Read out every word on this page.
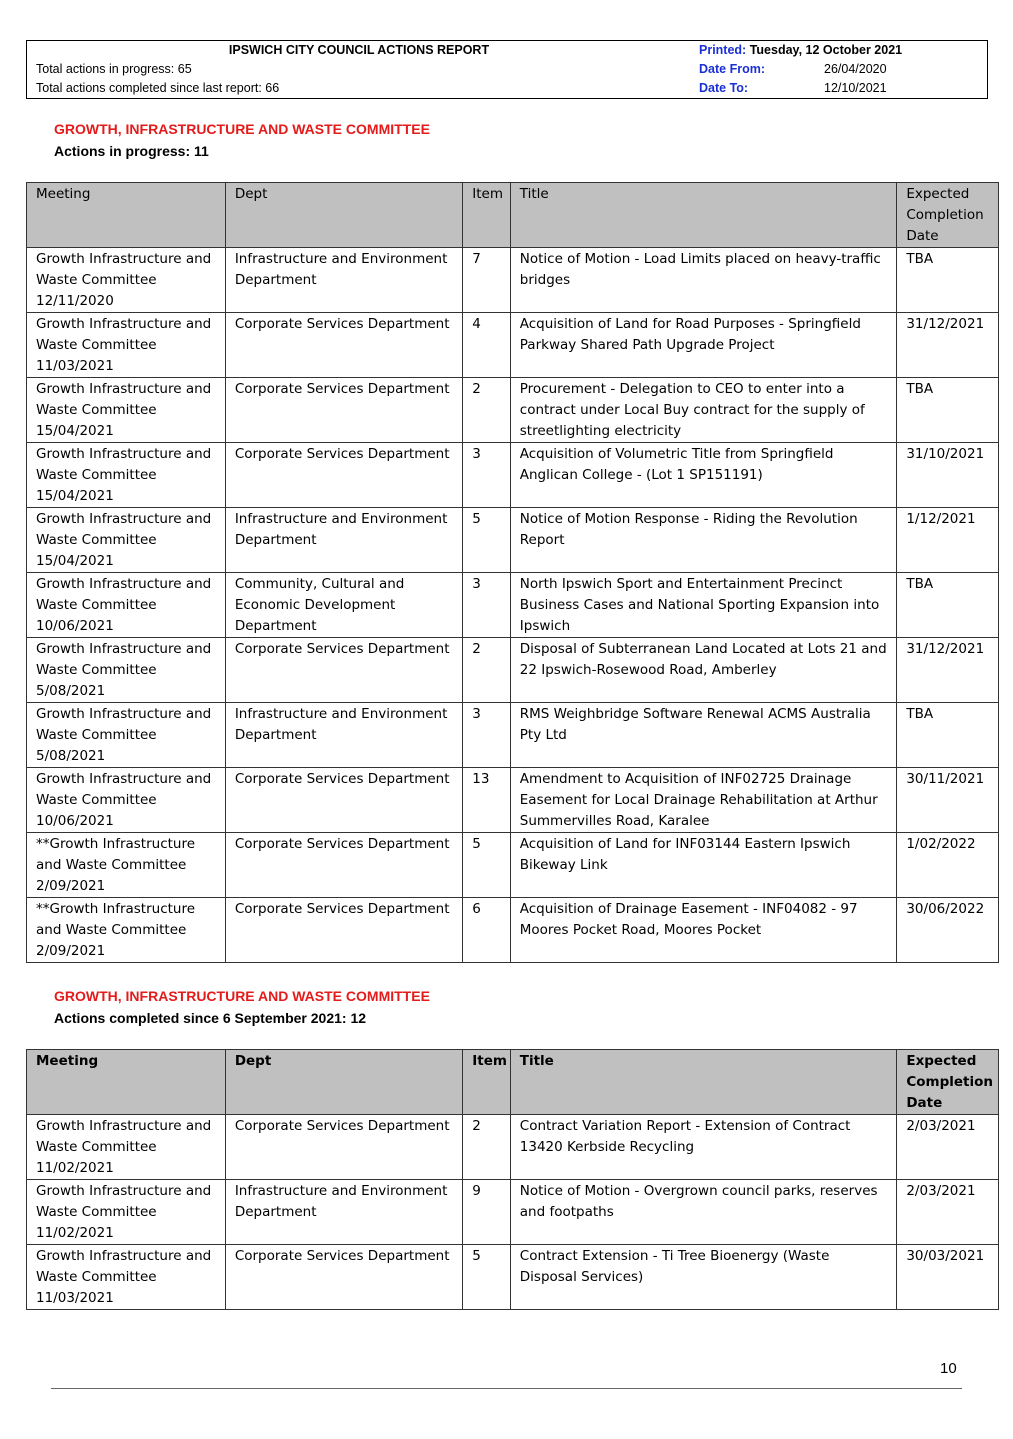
IPSWICH CITY COUNCIL ACTIONS REPORT
Total actions in progress: 65
Total actions completed since last report: 66
Printed: Tuesday, 12 October 2021
Date From:	26/04/2020
Date To:	12/10/2021
GROWTH, INFRASTRUCTURE AND WASTE COMMITTEE
Actions in progress: 11
Meeting	Dept	Item	Title	Expected Completion Date
Growth Infrastructure and Waste Committee 12/11/2020	Infrastructure and Environment Department	7	Notice of Motion - Load Limits placed on heavy-traffic bridges	TBA
Growth Infrastructure and Waste Committee 11/03/2021	Corporate Services Department	4	Acquisition of Land for Road Purposes - Springfield Parkway Shared Path Upgrade Project	31/12/2021
Growth Infrastructure and Waste Committee 15/04/2021	Corporate Services Department	2	Procurement - Delegation to CEO to enter into a contract under Local Buy contract for the supply of streetlighting electricity	TBA
Growth Infrastructure and Waste Committee 15/04/2021	Corporate Services Department	3	Acquisition of Volumetric Title from Springfield Anglican College - (Lot 1 SP151191)	31/10/2021
Growth Infrastructure and Waste Committee 15/04/2021	Infrastructure and Environment Department	5	Notice of Motion Response - Riding the Revolution Report	1/12/2021
Growth Infrastructure and Waste Committee 10/06/2021	Community, Cultural and Economic Development Department	3	North Ipswich Sport and Entertainment Precinct Business Cases and National Sporting Expansion into Ipswich	TBA
Growth Infrastructure and Waste Committee 5/08/2021	Corporate Services Department	2	Disposal of Subterranean Land Located at Lots 21 and 22 Ipswich-Rosewood Road, Amberley	31/12/2021
Growth Infrastructure and Waste Committee 5/08/2021	Infrastructure and Environment Department	3	RMS Weighbridge Software Renewal ACMS Australia Pty Ltd	TBA
Growth Infrastructure and Waste Committee 10/06/2021	Corporate Services Department	13	Amendment to Acquisition of INF02725 Drainage Easement for Local Drainage Rehabilitation at Arthur Summervilles Road, Karalee	30/11/2021
**Growth Infrastructure and Waste Committee 2/09/2021	Corporate Services Department	5	Acquisition of Land for INF03144 Eastern Ipswich Bikeway Link	1/02/2022
**Growth Infrastructure and Waste Committee 2/09/2021	Corporate Services Department	6	Acquisition of Drainage Easement - INF04082 - 97 Moores Pocket Road, Moores Pocket	30/06/2022
GROWTH, INFRASTRUCTURE AND WASTE COMMITTEE
Actions completed since 6 September 2021: 12
Meeting	Dept	Item	Title	Expected Completion Date
Growth Infrastructure and Waste Committee 11/02/2021	Corporate Services Department	2	Contract Variation Report - Extension of Contract 13420 Kerbside Recycling	2/03/2021
Growth Infrastructure and Waste Committee 11/02/2021	Infrastructure and Environment Department	9	Notice of Motion - Overgrown council parks, reserves and footpaths	2/03/2021
Growth Infrastructure and Waste Committee 11/03/2021	Corporate Services Department	5	Contract Extension - Ti Tree Bioenergy (Waste Disposal Services)	30/03/2021
10
